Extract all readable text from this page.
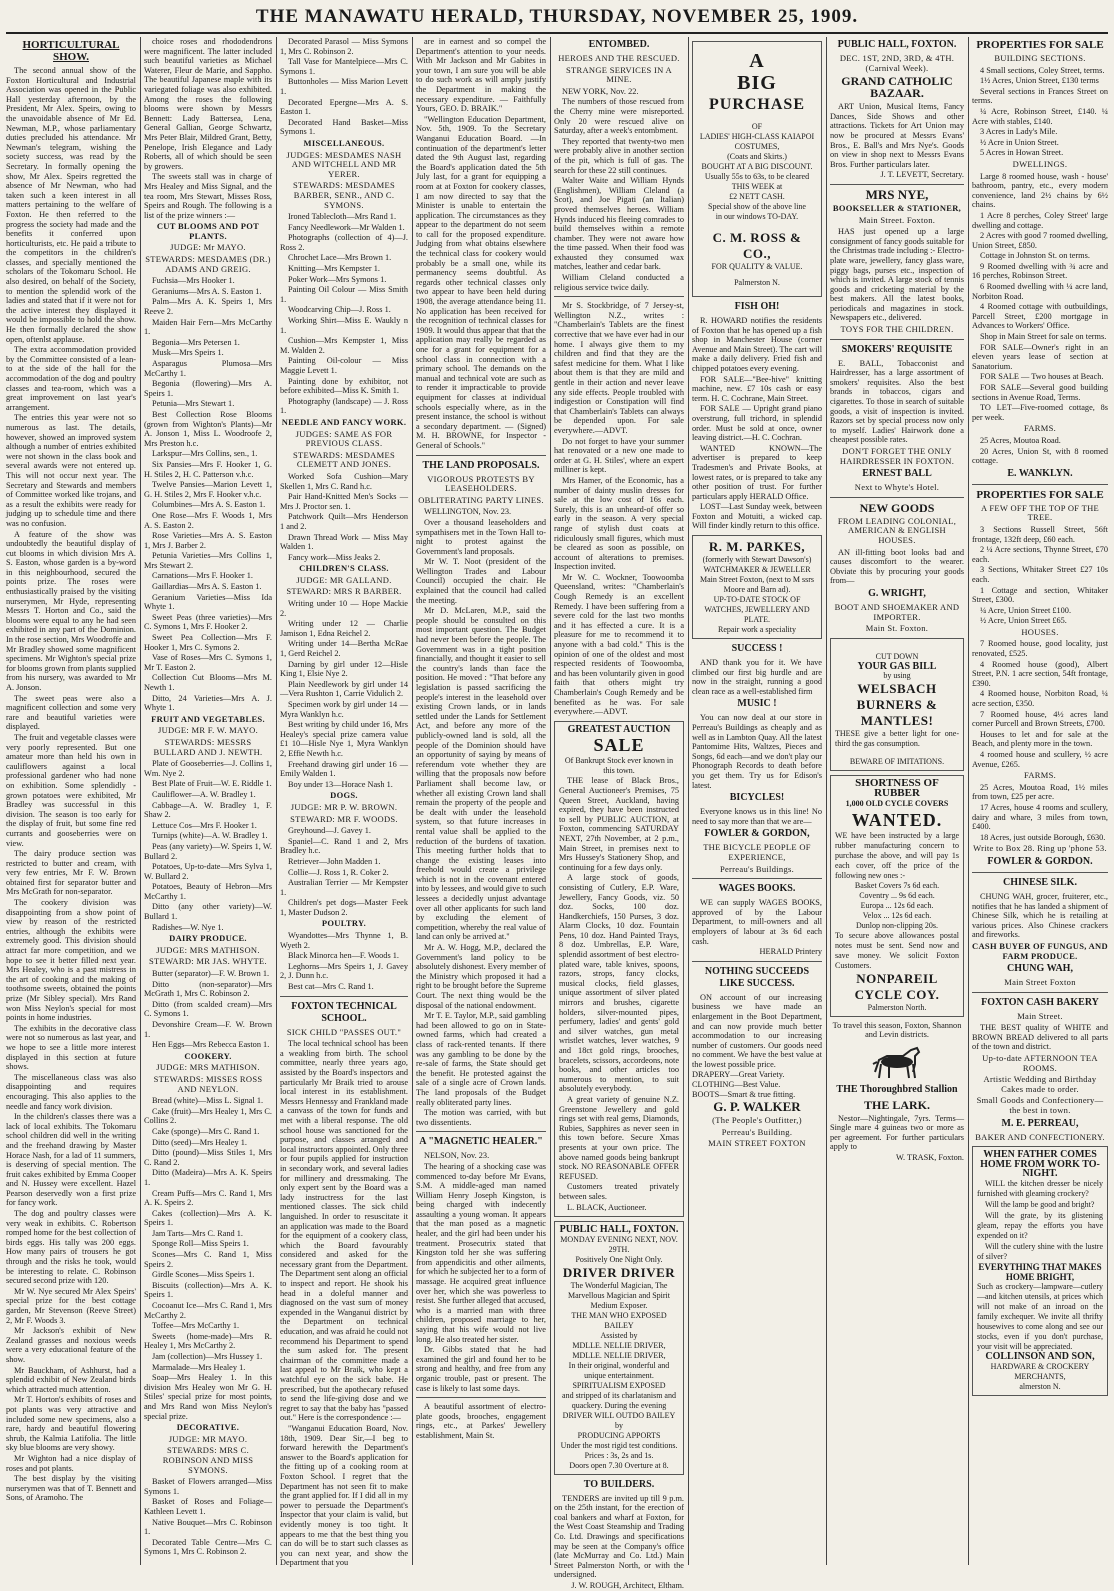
THE MANAWATU HERALD, THURSDAY, NOVEMBER 25, 1909.
HORTICULTURAL SHOW.

The second annual show of the Foxton Horticultural and Industrial Association was opened in the Public Hall yesterday afternoon, by the President, Mr Alex. Speirs, owing to the unavoidable absence of Mr Ed. Newman, M.P., whose parliamentary duties precluded his attendance. Mr Newman's telegram, wishing the society success, was read by the Secretary. In formally opening the show, Mr Alex. Speirs regretted the absence of Mr Newman, who had taken such a keen interest in all matters pertaining to the welfare of Foxton. He then referred to the progress the society had made and the benefits it conferred upon horticulturists, etc. He paid a tribute to the competitors in the children's classes, and specially mentioned the scholars of the Tokomaru School. He also desired, on behalf of the Society, to mention the splendid work of the ladies and stated that if it were not for the active interest they displayed it would be impossible to hold the show. He then formally declared the show open, oftenlst applause.

The extra accommodation provided by the Committee consisted of a lean-to at the side of the hall for the accommodation of the dog and poultry classes and tea-room, which was a great improvement on last year's arrangement.

The entries this year were not so numerous as last. The details, however, showed an improved system although a number of entries exhibited were not shown in the class book and several awards were not entered up. This will not occur next year. The Secretary and Stewards and members of Committee worked like trojans, and as a result the exhibits were ready for judging up to schedule time and there was no confusion.

A feature of the show was undoubtedly the beautiful display of cut blooms in which division Mrs A. S. Easton, whose garden is a by-word in this neighbourhood, secured the points prize. The roses were enthusiastically praised by the visiting nurserymen, Mr Hyde, representing Messrs T. Horton and Co., said the blooms were equal to any he had seen exhibited in any part of the Dominion. In the rose section, Mrs Woodroffe and Mr Bradley showed some magnificent specimens. Mr Wighton's special prize for blooms grown from plants supplied from his nursery, was awarded to Mr A. Jonson.

The sweet peas were also a magnificent collection and some very rare and beautiful varieties were displayed.

The fruit and vegetable classes were very poorly represented. But one amateur more than held his own in cauliflowers against a local professional gardener who had none on exhibition. Some splendidly - grown potatoes were exhibited, Mr Bradley was successful in this division. The season is too early for the display of fruit, but some fine red currants and gooseberries were on view.

The dairy produce section was restricted to butter and cream, with very few entries, Mr F. W. Brown obtained first for separator butter and Mrs McGrath for non-separator.

The cookery division was disappointing from a show point of view by reason of the restricted entries, although the exhibits were extremely good. This division should attract far more competition, and we hope to see it better filled next year. Mrs Healey, who is a past mistress in the art of cooking and the making of toothsome sweets, obtained the points prize (Mr Sibley special). Mrs Rand won Miss Neylon's special for most points in home industries.

The exhibits in the decorative class were not so numerous as last year, and we hope to see a little more interest displayed in this section at future shows.

The miscellaneous class was also disappointing and requires encouraging. This also applies to the needle and fancy work division.

In the children's classes there was a lack of local exhibits. The Tokomaru school children did well in the writing and the freehand drawing by Master Horace Nash, for a lad of 11 summers, is deserving of special mention. The fruit cakes exhibited by Emma Cooper and N. Hussey were excellent. Hazel Pearson deservedly won a first prize for fancy work.

The dog and poultry classes were very weak in exhibits. C. Robertson romped home for the best collection of birds eggs. His tally was 200 eggs. How many pairs of trousers he got through and the risks he took, would be interesting to relate. C. Robinson secured second prize with 120.

Mr W. Nye secured Mr Alex Speirs' special prize for the best cottage garden, Mr Stevenson (Reeve Street) 2, Mr F. Woods 3.

Mr Jackson's exhibit of New Zealand grasses and noxious weeds were a very educational feature of the show.

Mr Bauckham, of Ashhurst, had a splendid exhibit of New Zealand birds which attracted much attention.

Mr T. Horton's exhibits of roses and pot plants was very attractive and included some new specimens, also a rare, hardy and beautiful flowering shrub, the Kalmia Latifolia. The little sky blue blooms are very showy.

Mr Wighton had a nice display of roses and pot plants.

The best display by the visiting nurserymen was that of T. Bennett and Sons, of Aramoho. The

choice roses and rhododendrons were magnificent. The latter included such beautiful varieties as Michael Waterer, Fleur de Marie, and Sappho. The beautiful Japanese maple with its variegated foliage was also exhibited. Among the roses the following blooms were shown by Messrs Bennett: Lady Battersea, Lena, General Gallian, George Schwartz, Mrs Peter Blair, Mildred Grant, Betty, Penelope, Irish Elegance and Lady Roberts, all of which should be seen by growers.

The sweets stall was in charge of Mrs Healey and Miss Signal, and the tea room, Mrs Stewart, Misses Ross, Speirs and Rough. The following is a list of the prize winners :—

CUT BLOOMS AND POT PLANTS.
JUDGE: Mr MAYO.
STEWARDS: MESDAMES (DR.) ADAMS AND GREIG.

Fuchsia—Mrs Hooker 1.

Geraniums—Mrs A. S. Easton 1.

Palm—Mrs A. K. Speirs 1, Mrs Reeve 2.

Maiden Hair Fern—Mrs McCarthy 1.

Begonia—Mrs Petersen 1.

Musk—Mrs Speirs 1.

Asparagus Plumosa—Mrs McCarthy 1.

Begonia (flowering)—Mrs A. Speirs 1.

Petunia—Mrs Stewart 1.

Best Collection Rose Blooms (grown from Wighton's Plants)—Mr A. Jonson 1, Miss L. Woodroofe 2, Mrs Preston h.c.

Larkspur—Mrs Collins, sen., 1.

Six Pansies—Mrs F. Hooker 1, G. H. Stiles 2, H. C. Patterson v.h.c.

Twelve Pansies—Marion Levett 1, G. H. Stiles 2, Mrs F. Hooker v.h.c.

Columbines—Mrs A. S. Easton 1.

One Rose—Mrs F. Woods 1, Mrs A. S. Easton 2.

Rose Varieties—Mrs A. S. Easton 1, Mrs J. Barber 2.

Petunia Varieties—Mrs Collins 1, Mrs Stewart 2.

Carnations—Mrs F. Hooker 1.

Gaillardias—Mrs A. S. Easton 1.

Geranium Varieties—Miss Ida Whyte 1.

Sweet Peas (three varieties)—Mrs C. Symons 1, Mrs F. Hooker 2.

Sweet Pea Collection—Mrs F. Hooker 1, Mrs C. Symons 2.

Vase of Roses—Mrs C. Symons 1, Mr T. Easton 2.

Collection Cut Blooms—Mrs M. Newth 1.

Ditto, 24 Varieties—Mrs A. J. Whyte 1.

FRUIT AND VEGETABLES.
JUDGE: MR F. W. MAYO.
STEWARDS: MESSRS BULLARD AND J. NEWTH.

Plate of Gooseberries—J. Collins 1, Wm. Nye 2.

Best Plate of Fruit—W. E. Riddle 1.

Cauliflower—A. W. Bradley 1.

Cabbage—A. W. Bradley 1, F. Shaw 2.

Lettuce Cos—Mrs F. Hooker 1.

Turnips (white)—A. W. Bradley 1.

Peas (any variety)—W. Speirs 1, W. Bullard 2.

Potatoes, Up-to-date—Mrs Sylva 1, W. Bullard 2.

Potatoes, Beauty of Hebron—Mrs McCarthy 1.

Ditto (any other variety)—W. Bullard 1.

Radishes—W. Nye 1.

DAIRY PRODUCE.
JUDGE: MRS MATHISON.
STEWARD: MR JAS. WHYTE.

Butter (separator)—F. W. Brown 1.

Ditto (non-separator)—Mrs McGrath 1, Mrs C. Robinson 2.

Ditto (from scalded cream)—Mrs C. Symons 1.

Devonshire Cream—F. W. Brown 1.

Hen Eggs—Mrs Rebecca Easton 1.

COOKERY.
JUDGE: MRS MATHISON.
STEWARDS: MISSES ROSS AND NEYLON.

Bread (white)—Miss L. Signal 1.

Cake (fruit)—Mrs Healey 1, Mrs C. Collins 2.

Cake (sponge)—Mrs C. Rand 1.

Ditto (seed)—Mrs Healey 1.

Ditto (pound)—Miss Stiles 1, Mrs C. Rand 2.

Ditto (Madeira)—Mrs A. K. Speirs 1.

Cream Puffs—Mrs C. Rand 1, Mrs A. K. Speirs 2.

Cakes (collection)—Mrs A. K. Speirs 1.

Jam Tarts—Mrs C. Rand 1.

Sponge Roll—Miss Speirs 1.

Scones—Mrs C. Rand 1, Miss Speirs 2.

Girdle Scones—Miss Speirs 1.

Biscuits (collection)—Mrs A. K. Speirs 1.

Cocoanut Ice—Mrs C. Rand 1, Mrs McCarthy 2.

Toffee—Mrs McCarthy 1.

Sweets (home-made)—Mrs R. Healey 1, Mrs McCarthy 2.

Jam (collection)—Mrs Hussey 1.

Marmalade—Mrs Healey 1.

Soap—Mrs Healey 1. In this division Mrs Healey won Mr G. H. Stiles' special prize for most points, and Mrs Rand won Miss Neylon's special prize.

DECORATIVE.
JUDGE: MR MAYO.
STEWARDS: MRS C. ROBINSON AND MISS SYMONS.

Basket of Flowers arranged—Miss Symons 1.

Basket of Roses and Foliage—Kathleen Levett 1.

Native Bouquet—Mrs C. Robinson 1.

Decorated Table Centre—Mrs C. Symons 1, Mrs C. Robinson 2.

Decorated Parasol — Miss Symons 1, Mrs C. Robinson 2.

Tall Vase for Mantelpiece—Mrs C. Symons 1.

Buttonholes — Miss Marion Levett 1.

Decorated Epergne—Mrs A. S. Easton 1.

Decorated Hand Basket—Miss Symons 1.

MISCELLANEOUS.
JUDGES: MESDAMES NASH AND WITCHELL AND MR YERER.
STEWARDS: MESDAMES BARBER, SENR., AND C. SYMONS.

Ironed Tablecloth—Mrs Rand 1.

Fancy Needlework—Mr Walden 1.

Photographs (collection of 4)—J. Ross 2.

Chrochet Lace—Mrs Brown 1.

Knitting—Mrs Kempster 1.

Poker Work—Mrs Symons 1.

Painting Oil Colour — Miss Smith 1.

Woodcarving Chip—J. Ross 1.

Working Shirt—Miss E. Waukly n 1.

Cushion—Mrs Kempster 1, Miss M. Walden 2.

Painting Oil-colour — Miss Maggie Levett 1.

Painting done by exhibitor, not before exhibited—Miss K. Smith 1.

Photography (landscape) — J. Ross 1.

NEEDLE AND FANCY WORK.
JUDGES: SAME AS FOR PREVIOUS CLASS.
STEWARDS: MESDAMES CLEMETT AND JONES.

Worked Sofa Cushion—Mary Skellen 1, Mrs C. Rand h.c.

Pair Hand-Knitted Men's Socks —Mrs J. Proctor sen. 1.

Patchwork Quilt—Mrs Henderson 1 and 2.

Drawn Thread Work — Miss May Walden 1.

Fancy work—Miss Jeaks 2.

CHILDREN'S CLASS.
JUDGE: MR GALLAND.
STEWARD: MRS R BARBER.

Writing under 10 — Hope Mackie 2.

Writing under 12 — Charlie Jamison 1, Edna Reichel 2.

Writing under 14—Bertha McRae 1, Gerd Reichel 2.

Darning by girl under 12—Hisle King 1, Elsie Nye 2.

Plain Needlework by girl under 14—Vera Rushton 1, Carrie Vidulich 2.

Specimen work by girl under 14 —Myra Wanklyn h.c.

Best writing by child under 16, Mrs Healey's special prize camera value £1 10—Hisle Nye 1, Myra Wanklyn 2, Effie Newth h.c.

Freehand drawing girl under 16 —Emily Walden 1.

Boy under 13—Horace Nash 1.

DOGS.
JUDGE: MR P. W. BROWN.
STEWARD: MR F. WOODS.

Greyhound—J. Gavey 1.

Spaniel—C. Rand 1 and 2, Mrs Bradley h.c.

Retriever—John Madden 1.

Collie—J. Ross 1, R. Coker 2.

Australian Terrier — Mr Kempster 1.

Children's pet dogs—Master Feek 1, Master Dudson 2.

POULTRY.

Wyandottes—Mrs Thynne 1, B. Wyeth 2.

Black Minorca hen—F. Woods 1.

Leghorns—Mrs Speirs 1, J. Gavey 2, J. Dunn h.c.

Best cat—Mrs C. Rand 1.

FOXTON TECHNICAL SCHOOL.
SICK CHILD "PASSES OUT."

The local technical school has been a weakling from birth. The school committee, nearly three years ago, assisted by the Board's inspectors and particularly Mr Braik tried to arouse local interest in its establishment. Messrs Hennessy and Frankland made a canvass of the town for funds and met with a liberal response. The old school house was sanctioned for the purpose, and classes arranged and local instructors appointed. Only three or four pupils applied for instruction in secondary work, and several ladies for millinery and dressmaking. The only expert sent by the Board was a lady instructress for the last mentioned classes. The sick child languished. In order to resuscitate it an application was made to the Board for the equipment of a cookery class, which the Board favourably considered and asked for the necessary grant from the Department. The Department sent along an official to inspect and report. He shook his head in a doleful manner and diagnosed on the vast sum of money expended in the Wanganui district by the Department on technical education, and was afraid he could not recommend his Department to spend the sum asked for. The present chairman of the committee made a last appeal to Mr Braik, who kept a watchful eye on the sick babe. He prescribed, but the apothecary refused to send the life-giving dose and we regret to say that the baby has "passed out." Here is the correspondence :—

"Wanganui Education Board, Nov. 18th, 1909. Dear Sir,—I beg to forward herewith the Department's answer to the Board's application for the fitting up of a cooking room at Foxton School. I regret that the Department has not seen fit to make the grant applied for. If I did all in my power to persuade the Department's Inspector that your claim is valid, but evidently money is too tight. It appears to me that the best thing you can do will be to start such classes as you can next year, and show the Department that you

are in earnest and so compel the Department's attention to your needs. With Mr Jackson and Mr Gabites in your town, I am sure you will be able to do such work as will amply justify the Department in making the necessary expenditure. — Faithfully Yours, GEO. D. BRAIK."

"Wellington Education Department, Nov. 5th, 1909. To the Secretary Wanganui Education Board. —In continuation of the department's letter dated the 9th August last, regarding the Board's application dated the 5th July last, for a grant for equipping a room at at Foxton for cookery classes, I am now directed to say that the Minister is unable to entertain the application. The circumstances as they appear to the department do not seem to call for the proposed expenditure. Judging from what obtains elsewhere the technical class for cookery would probably be a small one, while its permanency seems doubtful. As regards other technical classes only two appear to have been held during 1908, the average attendance being 11. No application has been received for the recognition of technical classes for 1909. It would thus appear that that the application may really be regarded as one for a grant for equipment for a school class in connection with a primary school. The demands on the manual and technical vote are such as to render it impracticable to provide equipment for classes at individual schools especially where, as in the present instance, the school is without a secondary department. — (Signed) M. H. BROWNE, for Inspector - General of Schools."

THE LAND PROPOSALS.
VIGOROUS PROTESTS BY LEASEHOLDERS.
OBLITERATING PARTY LINES.

WELLINGTON, Nov. 23.

Over a thousand leaseholders and sympathisers met in the Town Hall to-night to protest against the Government's land proposals.

Mr W. T. Noot (president of the Wellington Trades and Labour Council) occupied the chair. He explained that the council had called the meeting.

Mr D. McLaren, M.P., said the people should be consulted on this most important question. The Budget had never been before the people. The Government was in a tight position financially, and thought it easier to sell the country's lands than face the position. He moved : "That before any legislation is passed sacrificing the people's interest in the leasehold over existing Crown lands, or in lands settled under the Lands for Settlement Act, and before any more of the publicly-owned land is sold, all the people of the Dominion should have an opportunity of saying by means of referendum vote whether they are willing that the proposals now before Parliament shall become law, or whether all existing Crown land shall remain the property of the people and be dealt with under the leasehold system, so that future increases in rental value shall be applied to the reduction of the burdens of taxation. This meeting further holds that to change the existing leases into freehold would create a privilege which is not in the covenant entered into by lessees, and would give to such lessees a decidedly unjust advantage over all other applicants for such land by excluding the element of competition, whereby the real value of land can only be arrived at."

Mr A. W. Hogg, M.P., declared the Government's land policy to be absolutely dishonest. Every member of the Ministry which proposed it had a right to be brought before the Supreme Court. The next thing would be the disposal of the national endowment.

Mr T. E. Taylor, M.P., said gambling had been allowed to go on in State-owned farms, which had created a class of rack-rented tenants. If there was any gambling to be done by the re-sale of farms, the State should get the benefit. He protested against the sale of a single acre of Crown lands. The land proposals of the Budget really obliterated party lines.

The motion was carried, with but two dissentients.

A "MAGNETIC HEALER."

NELSON, Nov. 23.

The hearing of a shocking case was commenced to-day before Mr Evans, S.M. A middle-aged man named William Henry Joseph Kingston, is being charged with indecently assaulting a young woman. It appears that the man posed as a magnetic healer, and the girl had been under his treatment. Prosecutrix stated that Kingston told her she was suffering from appendicitis and other ailments, for which he subjected her to a form of massage. He acquired great influence over her, which she was powerless to resist. She further alleged that accused, who is a married man with three children, proposed marriage to her, saying that his wife would not live long. He also treated her sister.

Dr. Gibbs stated that he had examined the girl and found her to be strong and healthy, and free from any organic trouble, past or present. The case is likely to last some days.

A beautiful assortment of electro-plate goods, brooches, engagement rings, etc., at Parkes' Jewellery establishment, Main St.

ENTOMBED.
HEROES AND THE RESCUED.
STRANGE SERVICES IN A MINE.

NEW YORK, Nov. 22.

The numbers of those rescued from the Cherry mine were misreported. Only 20 were rescued alive on Saturday, after a week's entombment.

They reported that twenty-two men were probably alive in another section of the pit, which is full of gas. The search for these 22 still continues.

Walter Waite and William Hynds (Englishmen), William Cleland (a Scot), and Joe Pigati (an Italian) proved themselves heroes. William Hynds induced his fleeing comrades to build themselves within a remote chamber. They were not aware how the time passed. When their food was exhausted they consumed wax matches, leather and cedar bark.

William Cleland conducted a religious service twice daily.

Mr S. Stockbridge, of 7 Jersey-st, Wellington N.Z., writes : "Chamberlain's Tablets are the finest corrective that we have ever had in our home. I always give them to my children and find that they are the safest medicine for them. What I like about them is that they are mild and gentle in their action and never leave any side effects. People troubled with indigestion or Constipation will find that Chamberlain's Tablets can always be depended upon. For sale everywhere.—ADVT.

Do not forget to have your summer hat renovated or a new one made to order at G. H. Stiles', where an expert milliner is kept.

Mrs Hamer, of the Economic, has a number of dainty muslin dresses for sale at the low cost of 16s each. Surely, this is an unheard-of offer so early in the season. A very special range of stylish dust coats at ridiculously small figures, which must be cleared as soon as possible, on account of alterations to premises. Inspection invited.

Mr W. C. Wockner, Toowoomba Queensland, writes: "Chamberlain's Cough Remedy is an excellent Remedy. I have been suffering from a severe cold for the last two months and it has effected a cure. It is a pleasure for me to recommend it to anyone with a bad cold." This is the opinion of one of the oldest and most respected residents of Toowoomba, and has been voluntarily given in good faith that others might try Chamberlain's Cough Remedy and be benefited as he was. For sale everywhere.—ADVT.

GREATEST AUCTION
SALE
Of Bankrupt Stock ever known in this town.

THE lease of Black Bros., General Auctioneer's Premises, 75 Queen Street, Auckland, having expired, they have been instructed to sell by PUBLIC AUCTION, at Foxton, commencing SATURDAY NEXT, 27th November, at 2 p.m., Main Street, in premises next to Mrs Hussey's Stationery Shop, and continuing for a few days only.

A large stock of goods, consisting of Cutlery, E.P. Ware, Jewellery, Fancy Goods, viz. 50 doz. Socks, 100 doz. Handkerchiefs, 150 Purses, 3 doz. Alarm Clocks, 10 doz. Fountain Pens, 10 doz. Hand Painted Trays, 8 doz. Umbrellas, E.P. Ware, splendid assortment of best electro-plated ware, table knives, spoons, razors, strops, fancy clocks, musical clocks, field glasses, unique assortment of silver plated mirrors and brushes, cigarette holders, silver-mounted pipes, perfumery, ladies' and gents' gold and silver watches, gun metal wristlet watches, lever watches, 9 and 18ct gold rings, brooches, bracelets, scissors, accordeons, note books, and other articles too numerous to mention, to suit absolutely everybody.

A great variety of genuine N.Z. Greenstone Jewellery and gold rings set with real gems, Diamonds, Rubies, Sapphires as never seen in this town before. Secure Xmas presents at your own price. The above named goods being bankrupt stock. NO REASONABLE OFFER REFUSED.

Customers treated privately between sales.

L. BLACK, Auctioneer.

PUBLIC HALL, FOXTON.
MONDAY EVENING NEXT, NOV. 29TH.
Positively One Night Only.
DRIVER DRIVER
The Wonderful Magician, The Marvellous Magician and Spirit Medium Exposer.
THE MAN WHO EXPOSED BAILEY
Assisted by
MDLLE. NELLIE DRIVER,
MDLLE. NELLIE DRIVER,
In their original, wonderful and unique entertainment.
SPIRITUALISM EXPOSED
and stripped of its charlatanism and quackery. During the evening
DRIVER WILL OUTDO BAILEY
by
PRODUCING APPORTS
Under the most rigid test conditions.
Prices : 3s, 2s and 1s.
Doors open 7.30 Overture at 8.
TO BUILDERS.

TENDERS are invited up till 9 p.m. on the 25th instant, for the erection of coal bankers and wharf at Foxton, for the West Coast Steamship and Trading Co. Ltd. Drawings and specifications may be seen at the Company's office (late McMurray and Co. Ltd.) Main Street Palmerston North, or with the undersigned.

J. W. ROUGH, Architect, Eltham.

A
BIG
PURCHASE
OF
LADIES' HIGH-CLASS KAIAPOI COSTUMES,
(Coats and Skirts.)
BOUGHT AT A BIG DISCOUNT.
Usually 55s to 63s, to be cleared
THIS WEEK at
£2 NETT CASH.
Special show of the above line
in our windows TO-DAY.
C. M. ROSS & CO.,
FOR QUALITY & VALUE.
Palmerston N.
FISH OH!

R. HOWARD notifies the residents of Foxton that he has opened up a fish shop in Manchester House (corner Avenue and Main Street). The cart will make a daily delivery. Fried fish and chipped potatoes every evening.

FOR SALE—"Bee-hive" knitting machine, new. £7 10s cash or easy term. H. C. Cochrane, Main Street.

FOR SALE — Upright grand piano overstrung, full trichord, in splendid order. Must be sold at once, owner leaving district.—H. C. Cochran.

WANTED KNOWN—The advertiser is prepared to keep Tradesmen's and Private Books, at lowest rates, or is prepared to take any other position of trust. For further particulars apply HERALD Office.

LOST—Last Sunday week, between Foxton and Motuiti, a wicked cap. Will finder kindly return to this office.

R. M. PARKES,
(formerly with Stewart Dawson's) WATCHMAKER & JEWELLER
Main Street Foxton, (next to M ssrs Moore and Barn ad).
UP-TO-DATE STOCK OF WATCHES, JEWELLERY AND PLATE.
Repair work a speciality
SUCCESS !

AND thank you for it. We have climbed our first big hurdle and are now in the straight, running a good clean race as a well-established firm

MUSIC !

You can now deal at our store in Perreau's Buildings as cheaply and as well as in Lambton Quay. All the latest Pantomime Hits, Waltzes, Pieces and Songs, 6d each—and we don't play our Phonograph Records to death before you get them. Try us for Edison's latest.

BICYCLES!

Everyone knows us in this line! No need to say more than that we are—

FOWLER & GORDON,
THE BICYCLE PEOPLE OF EXPERIENCE,
Perreau's Buildings.
WAGES BOOKS.

WE can supply WAGES BOOKS, approved of by the Labour Department, to mill-owners and all employers of labour at 3s 6d each cash.

HERALD Printery

NOTHING SUCCEEDS LIKE SUCCESS.

ON account of our increasing business we have made an enlargement in the Boot Department, and can now provide much better accommodation to our increasing number of customers. Our goods need no comment. We have the best value at the lowest possible price.

DRAPERY—Great Variety.
CLOTHING—Best Value.
BOOTS—Smart & true fitting.
G. P. WALKER
(The People's Outfitter,)
Perreau's Building.
MAIN STREET FOXTON
PUBLIC HALL, FOXTON.
DEC. 1ST, 2ND, 3RD, & 4TH. (Carnival Week).
GRAND CATHOLIC BAZAAR.

ART Union, Musical Items, Fancy Dances, Side Shows and other attractions. Tickets for Art Union may now be procured at Messrs Evans' Bros., E. Ball's and Mrs Nye's. Goods on view in shop next to Messrs Evans Bros. Further particulars later.

J. T. LEVETT, Secretary.

MRS NYE,
BOOKSELLER & STATIONER,
Main Street. Foxton.

HAS just opened up a large consignment of fancy goods suitable for the Christmas trade including :- Electro-plate ware, jewellery, fancy glass ware, piggy bags, purses etc., inspection of which is invited. A large stock of tennis goods and cricketing material by the best makers. All the latest books, periodicals and magazines in stock. Newspapers etc., delivered.

TOYS FOR THE CHILDREN.
SMOKERS' REQUISITE

E. BALL, Tobacconist and Hairdresser, has a large assortment of smokers' requisites. Also the best brands in tobaccos, cigars and cigarettes. To those in search of suitable goods, a visit of inspection is invited. Razors set by special process now only to myself. Ladies' Hairwork done a cheapest possible rates.

DON'T FORGET THE ONLY HAIRDRESSER IN FOXTON.
ERNEST BALL
Next to Whyte's Hotel.
NEW GOODS
FROM LEADING COLONIAL, AMERICAN & ENGLISH HOUSES.

AN ill-fitting boot looks bad and causes discomfort to the wearer. Obviate this by procuring your goods from—

G. WRIGHT,
BOOT AND SHOEMAKER AND IMPORTER.
Main St. Foxton.
CUT DOWN
YOUR GAS BILL
by using
WELSBACH BURNERS & MANTLES!
THESE give a better light for one-third the gas consumption.
BEWARE OF IMITATIONS.
SHORTNESS OF RUBBER
1,000 OLD CYCLE COVERS
WANTED.
WE have been instructed by a large rubber manufacturing concern to purchase the above, and will pay 1s each cover, off the price of the following new ones :-
Basket Covers 7s 6d each.
Coventry ... 9s 6d each.
Europa ... 12s 6d each.
Velox ... 12s 6d each.
Dunlop non-clipping 20s.
To secure above allowances postal notes must be sent. Send now and save money. We solicit Foxton Customers.
NONPAREIL CYCLE COY.
Palmerston North.

To travel this season, Foxton, Shannon and Levin districts.

THE Thoroughbred Stallion
THE LARK.

Nestor—Nightingale, 7yrs. Terms—Single mare 4 guineas two or more as per agreement. For further particulars apply to

W. TRASK, Foxton.

PROPERTIES FOR SALE
BUILDING SECTIONS.

4 Small sections, Coley Street, terms.

1½ Acres, Union Street, £130 terms

Several sections in Frances Street on terms.

¼ Acre, Robinson Street, £140. ¼ Acre with stables, £140.

3 Acres in Lady's Mile.

½ Acre in Union Street.

5 Acres in Howan Street.

DWELLINGS.

Large 8 roomed house, wash - house' bathroom, pantry, etc., every modern convenience, land 2½ chains by 6½ chains.

1 Acre 8 perches, Coley Street' large dwelling and cottage.

2 Acres with good 7 roomed dwelling, Union Street, £850.

Cottage in Johnston St. on terms.

9 Roomed dwelling with ¾ acre and 16 perches, Robinson Street.

6 Roomed dwelling with ¼ acre land, Norbiton Road.

4 Roomed cottage with outbuildings, Parcell Street, £200 mortgage in Advances to Workers' Office.

Shop in Main Street for sale on terms.

FOR SALE—Owner's right in an eleven years lease of section at Sanatorium.

FOR SALE — Two houses at Beach.

FOR SALE—Several good building sections in Avenue Road, Terms.

TO LET—Five-roomed cottage, 8s per week.

FARMS.

25 Acres, Moutoa Road.

20 Acres, Union St, with 8 roomed cottage.

E. WANKLYN.
PROPERTIES FOR SALE
A FEW OFF THE TOP OF THE TREE.

3 Sections Russell Street, 56ft frontage, 132ft deep, £60 each.

2 ¼ Acre sections, Thynne Street, £70 each.

3 Sections, Whitaker Street £27 10s each.

1 Cottage and section, Whitaker Street, £300.

¼ Acre, Union Street £100.

½ Acre, Union Street £65.

HOUSES.

7 Roomed house, good locality, just renovated, £525.

4 Roomed house (good), Albert Street, P.N. 1 acre section, 54ft frontage, £390.

4 Roomed house, Norbiton Road, ¼ acre section, £350.

7 Roomed house, 4½ acres land corner Purcell and Brown Streets, £700.

Houses to let and for sale at the Beach, and plenty more in the town.

4 roomed house and scullery, ½ acre Avenue, £265.

FARMS.

25 Acres, Moutoa Road, 1½ miles from town, £25 per acre.

17 Acres, house 4 rooms and scullery, dairy and whare, 3 miles from town, £400.

18 Acres, just outside Borough, £630.

Write to Box 28. Ring up 'phone 53.
FOWLER & GORDON.
CHINESE SILK.

CHUNG WAH, grocer, fruiterer, etc., notifies that he has landed a shipment of Chinese Silk, which he is retailing at various prices. Also Chinese crackers and fireworks.

CASH BUYER OF FUNGUS, AND FARM PRODUCE.
CHUNG WAH,
Main Street Foxton
FOXTON CASH BAKERY
Main Street.

THE BEST quality of WHITE and BROWN BREAD delivered to all parts of the town and district.

Up-to-date AFTERNOON TEA ROOMS.
Artistic Wedding and Birthday Cakes made to order.
Small Goods and Confectionery—the best in town.
M. E. PERREAU,
BAKER AND CONFECTIONERY.
WHEN FATHER COMES HOME FROM WORK TO-NIGHT.

WILL the kitchen dresser be nicely furnished with gleaming crockery?

Will the lamp be good and bright?

Will the grate, by its glistening gleam, repay the efforts you have expended on it?

Will the cutlery shine with the lustre of silver?

EVERYTHING THAT MAKES HOME BRIGHT,
Such as crockery—lampware—cutlery—and kitchen utensils, at prices which will not make of an inroad on the family exchequer. We invite all thrifty housewives to come along and see our stocks, even if you don't purchase, your visit will be appreciated.
COLLINSON AND SON,
HARDWARE & CROCKERY MERCHANTS,
almerston N.
